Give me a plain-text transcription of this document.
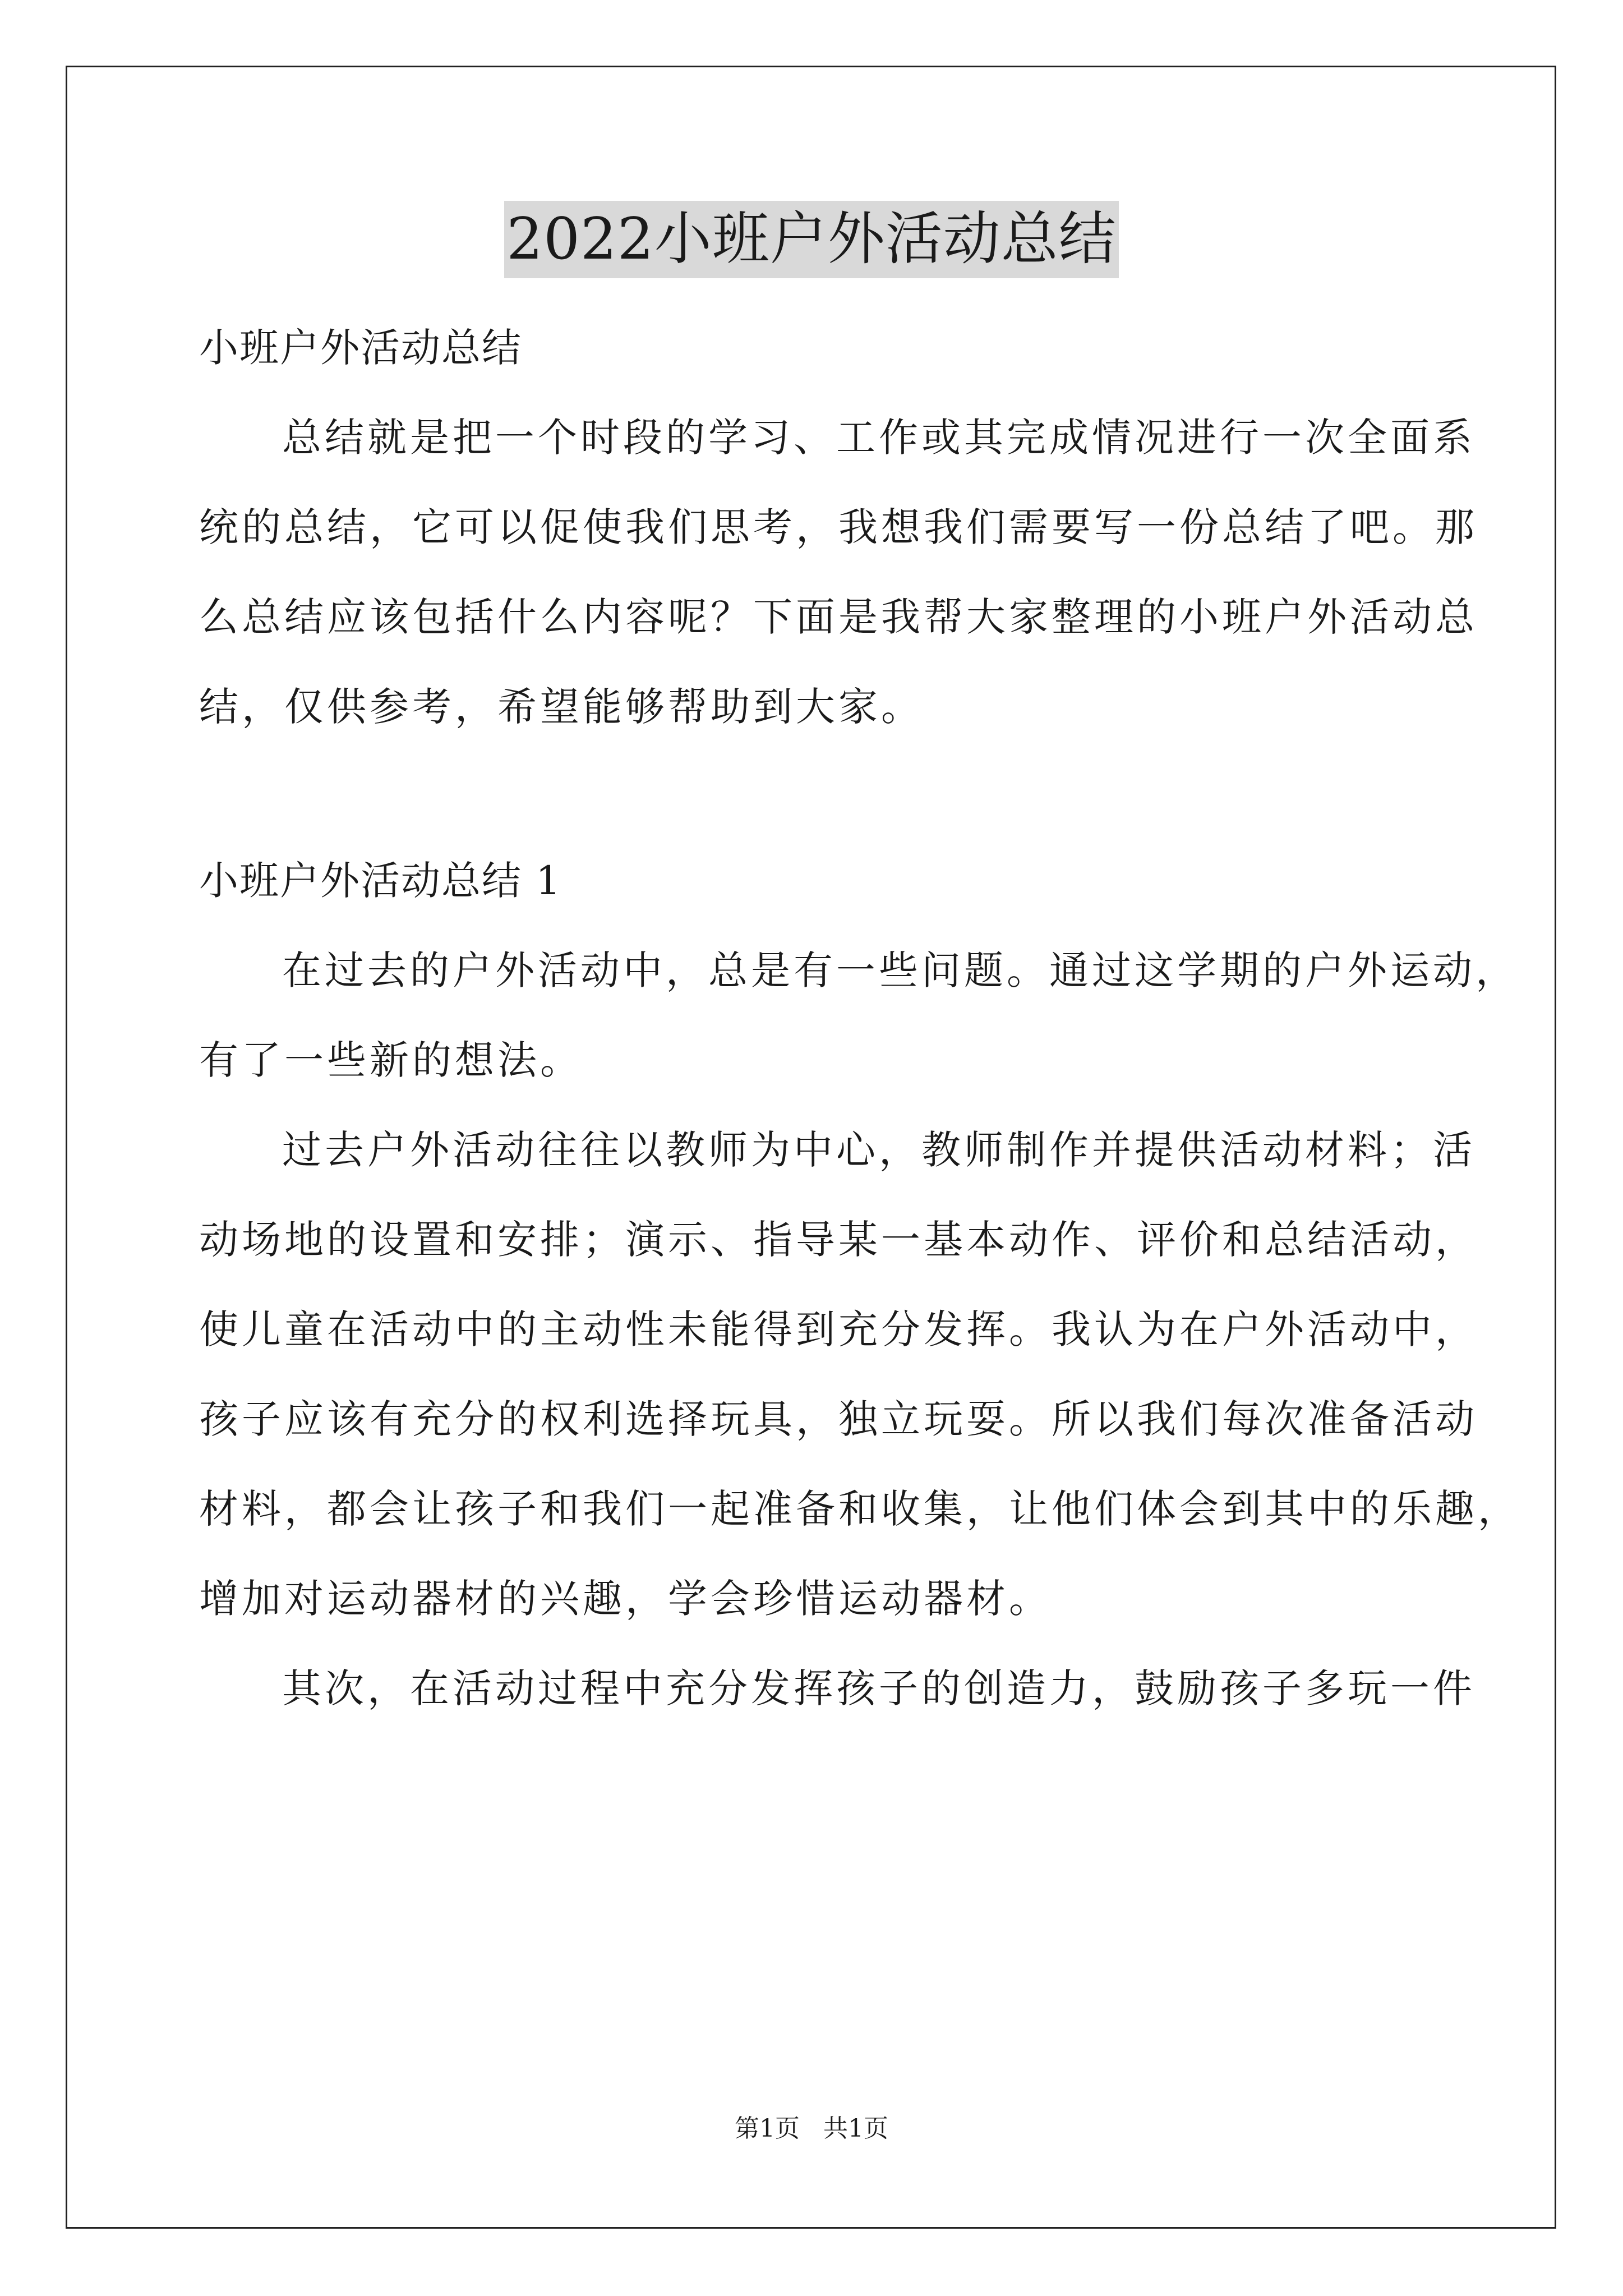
2022小班户外活动总结
小班户外活动总结
总结就是把一个时段的学习、工作或其完成情况进行一次全面系
统的总结，它可以促使我们思考，我想我们需要写一份总结了吧。那
么总结应该包括什么内容呢？下面是我帮大家整理的小班户外活动总
结，仅供参考，希望能够帮助到大家。
小班户外活动总结 1
在过去的户外活动中，总是有一些问题。通过这学期的户外运动，
有了一些新的想法。
过去户外活动往往以教师为中心，教师制作并提供活动材料；活
动场地的设置和安排；演示、指导某一基本动作、评价和总结活动，
使儿童在活动中的主动性未能得到充分发挥。我认为在户外活动中，
孩子应该有充分的权利选择玩具，独立玩耍。所以我们每次准备活动
材料，都会让孩子和我们一起准备和收集，让他们体会到其中的乐趣，
增加对运动器材的兴趣，学会珍惜运动器材。
其次，在活动过程中充分发挥孩子的创造力，鼓励孩子多玩一件
第1页   共1页
